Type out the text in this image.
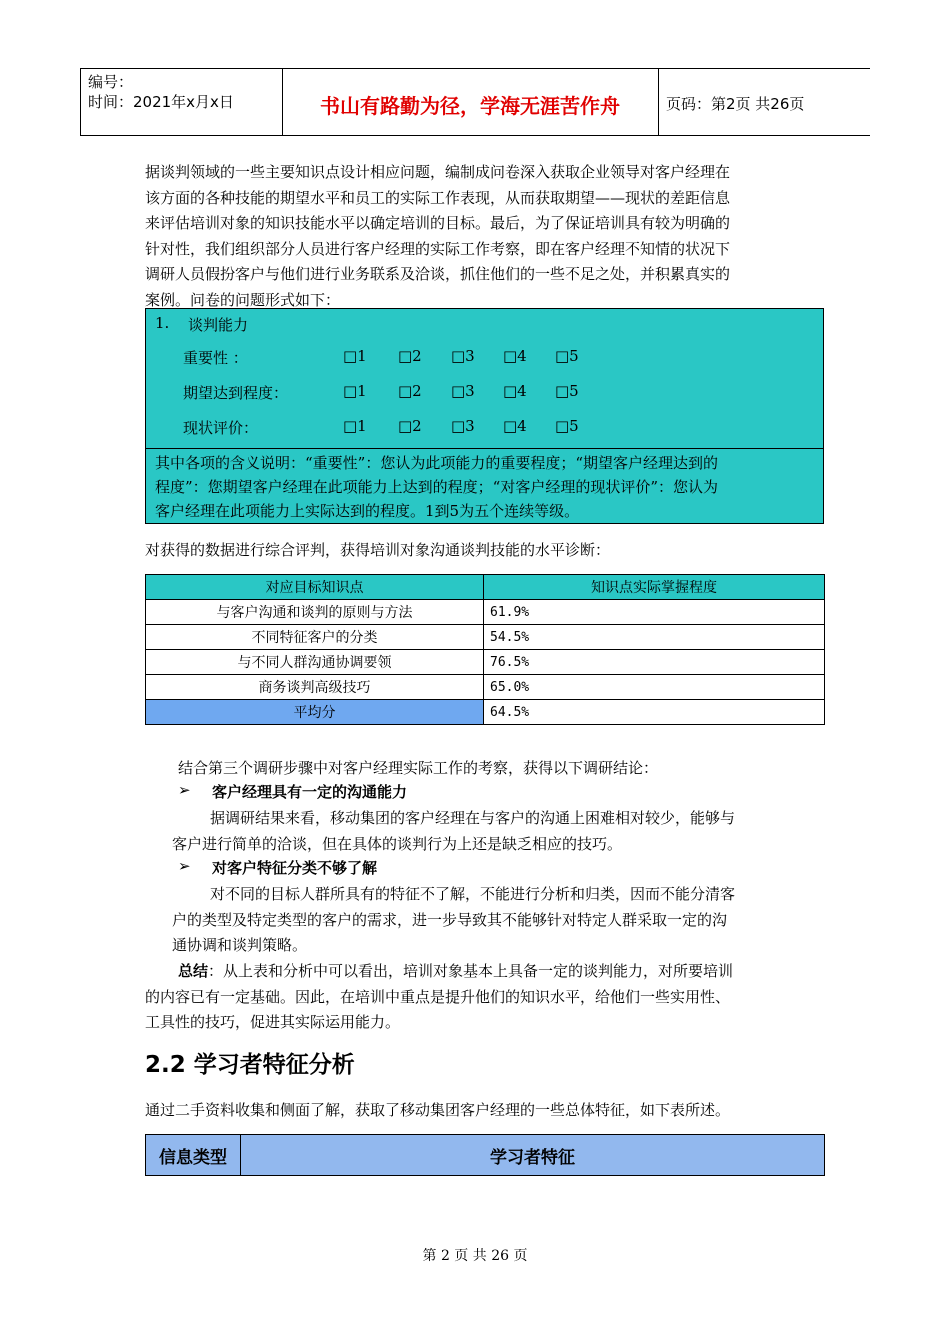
编号：
时间：2021年x月x日	书山有路勤为径，学海无涯苦作舟	页码：第2页 共26页
据谈判领域的一些主要知识点设计相应问题，编制成问卷深入获取企业领导对客户经理在
该方面的各种技能的期望水平和员工的实际工作表现，从而获取期望——现状的差距信息
来评估培训对象的知识技能水平以确定培训的目标。最后，为了保证培训具有较为明确的
针对性，我们组织部分人员进行客户经理的实际工作考察，即在客户经理不知情的状况下
调研人员假扮客户与他们进行业务联系及洽谈，抓住他们的一些不足之处，并积累真实的
案例。问卷的问题形式如下：
1. 谈判能力
重要性 ：	□1 □2 □3 □4 □5
期望达到程度：	□1 □2 □3 □4 □5
现状评价：	□1 □2 □3 □4 □5
其中各项的含义说明：“重要性”：您认为此项能力的重要程度；“期望客户经理达到的
程度”：您期望客户经理在此项能力上达到的程度；“对客户经理的现状评价”：您认为
客户经理在此项能力上实际达到的程度。1到5为五个连续等级。
对获得的数据进行综合评判，获得培训对象沟通谈判技能的水平诊断：
对应目标知识点	知识点实际掌握程度
与客户沟通和谈判的原则与方法	61.9%
不同特征客户的分类	54.5%
与不同人群沟通协调要领	76.5%
商务谈判高级技巧	65.0%
平均分	64.5%
结合第三个调研步骤中对客户经理实际工作的考察，获得以下调研结论：
➢ 客户经理具有一定的沟通能力
据调研结果来看，移动集团的客户经理在与客户的沟通上困难相对较少，能够与
客户进行简单的洽谈，但在具体的谈判行为上还是缺乏相应的技巧。
➢ 对客户特征分类不够了解
对不同的目标人群所具有的特征不了解，不能进行分析和归类，因而不能分清客
户的类型及特定类型的客户的需求，进一步导致其不能够针对特定人群采取一定的沟
通协调和谈判策略。
总结：从上表和分析中可以看出，培训对象基本上具备一定的谈判能力，对所要培训
的内容已有一定基础。因此，在培训中重点是提升他们的知识水平，给他们一些实用性、
工具性的技巧，促进其实际运用能力。
2.2 学习者特征分析
通过二手资料收集和侧面了解，获取了移动集团客户经理的一些总体特征，如下表所述。
信息类型	学习者特征
第 2 页 共 26 页
